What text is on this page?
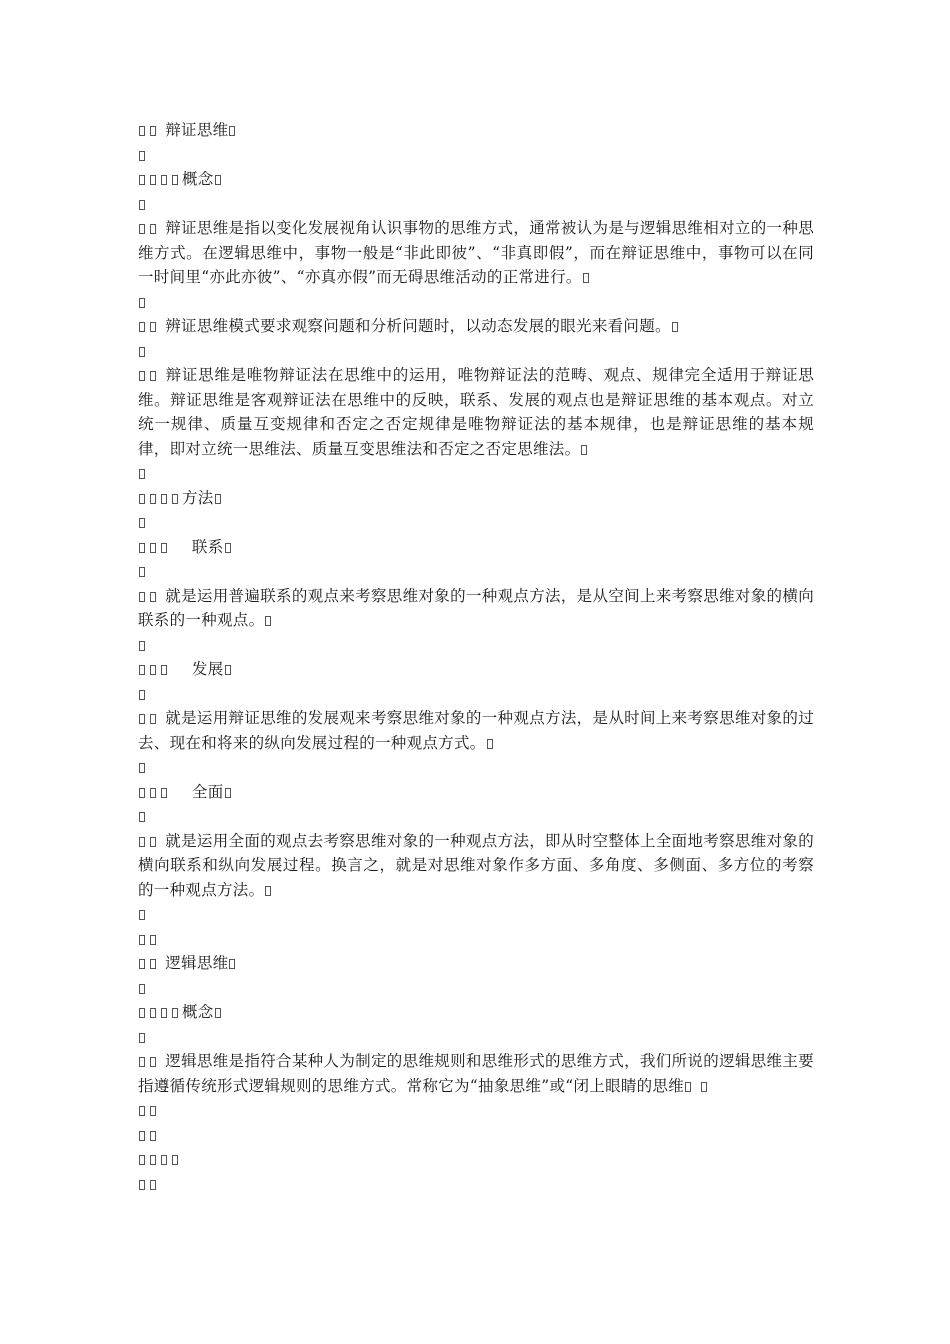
辩证思维
概念
辩证思维是指以变化发展视角认识事物的思维方式，通常被认为是与逻辑思维相对立的一种思维方式。在逻辑思维中，事物一般是“非此即彼”、“非真即假”，而在辩证思维中，事物可以在同一时间里“亦此亦彼”、“亦真亦假”而无碍思维活动的正常进行。
辨证思维模式要求观察问题和分析问题时，以动态发展的眼光来看问题。
辩证思维是唯物辩证法在思维中的运用，唯物辩证法的范畴、观点、规律完全适用于辩证思维。辩证思维是客观辩证法在思维中的反映，联系、发展的观点也是辩证思维的基本观点。对立统一规律、质量互变规律和否定之否定规律是唯物辩证法的基本规律，也是辩证思维的基本规律，即对立统一思维法、质量互变思维法和否定之否定思维法。
方法
联系
就是运用普遍联系的观点来考察思维对象的一种观点方法，是从空间上来考察思维对象的横向联系的一种观点。
发展
就是运用辩证思维的发展观来考察思维对象的一种观点方法，是从时间上来考察思维对象的过去、现在和将来的纵向发展过程的一种观点方式。
全面
就是运用全面的观点去考察思维对象的一种观点方法，即从时空整体上全面地考察思维对象的横向联系和纵向发展过程。换言之，就是对思维对象作多方面、多角度、多侧面、多方位的考察的一种观点方法。
逻辑思维
概念
逻辑思维是指符合某种人为制定的思维规则和思维形式的思维方式，我们所说的逻辑思维主要指遵循传统形式逻辑规则的思维方式。常称它为“抽象思维”或“闭上眼睛的思维
